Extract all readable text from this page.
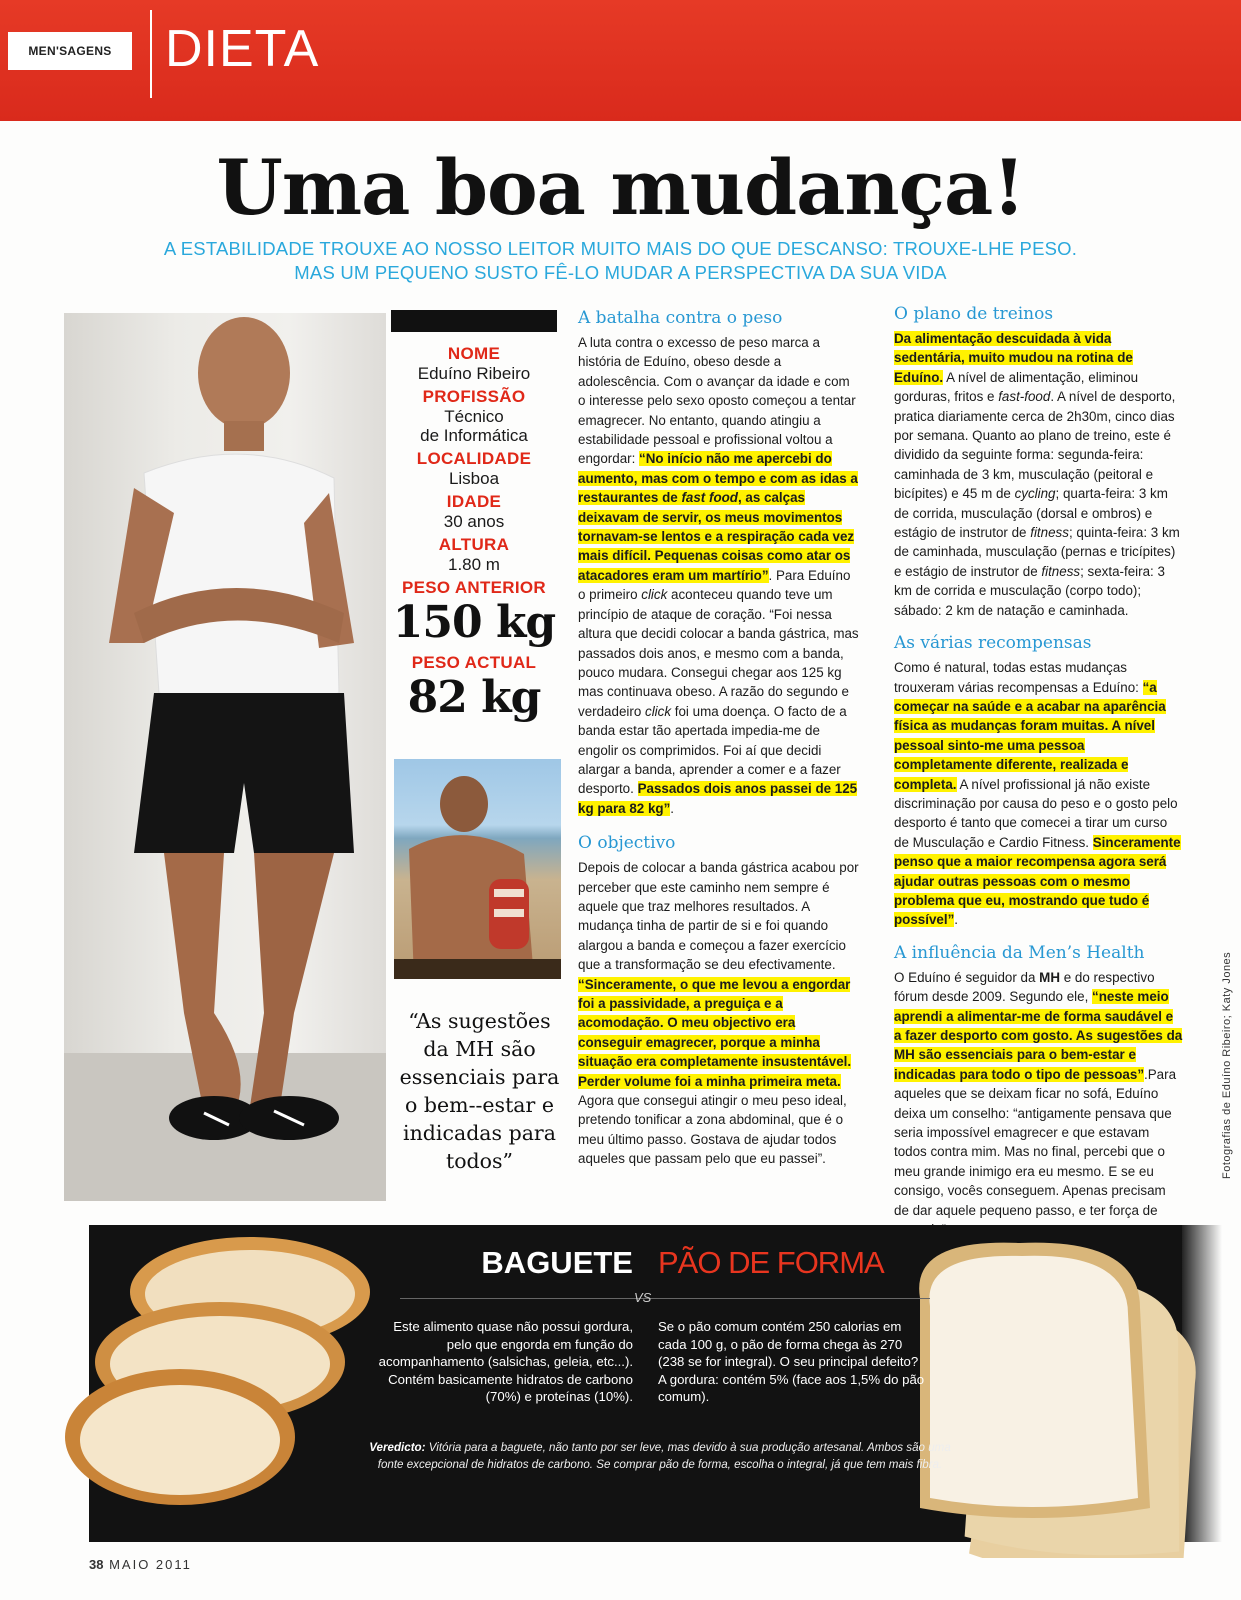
MEN'SAGENS	DIETA
Uma boa mudança!
A ESTABILIDADE TROUXE AO NOSSO LEITOR MUITO MAIS DO QUE DESCANSO: TROUXE-LHE PESO.
MAS UM PEQUENO SUSTO FÊ-LO MUDAR A PERSPECTIVA DA SUA VIDA
NOME
Eduíno Ribeiro
PROFISSÃO
Técnico
de Informática
LOCALIDADE
Lisboa
IDADE
30 anos
ALTURA
1.80 m
PESO ANTERIOR
150 kg
PESO ACTUAL
82 kg
“As sugestões da MH são essenciais para o bem--estar e indicadas para todos”
A batalha contra o peso

A luta contra o excesso de peso marca a história de Eduíno, obeso desde a adolescência. Com o avançar da idade e com o interesse pelo sexo oposto começou a tentar emagrecer. No entanto, quando atingiu a estabilidade pessoal e profissional voltou a engordar: “No início não me apercebi do aumento, mas com o tempo e com as idas a restaurantes de fast food, as calças deixavam de servir, os meus movimentos tornavam-se lentos e a respiração cada vez mais difícil. Pequenas coisas como atar os atacadores eram um martírio”. Para Eduíno o primeiro click aconteceu quando teve um princípio de ataque de coração. “Foi nessa altura que decidi colocar a banda gástrica, mas passados dois anos, e mesmo com a banda, pouco mudara. Consegui chegar aos 125 kg mas continuava obeso. A razão do segundo e verdadeiro click foi uma doença. O facto de a banda estar tão apertada impedia-me de engolir os comprimidos. Foi aí que decidi alargar a banda, aprender a comer e a fazer desporto. Passados dois anos passei de 125 kg para 82 kg”.

O objectivo

Depois de colocar a banda gástrica acabou por perceber que este caminho nem sempre é aquele que traz melhores resultados. A mudança tinha de partir de si e foi quando alargou a banda e começou a fazer exercício que a transformação se deu efectivamente. “Sinceramente, o que me levou a engordar foi a passividade, a preguiça e a acomodação. O meu objectivo era conseguir emagrecer, porque a minha situação era completamente insustentável. Perder volume foi a minha primeira meta. Agora que consegui atingir o meu peso ideal, pretendo tonificar a zona abdominal, que é o meu último passo. Gostava de ajudar todos aqueles que passam pelo que eu passei”.

O plano de treinos

Da alimentação descuidada à vida sedentária, muito mudou na rotina de Eduíno. A nível de alimentação, eliminou gorduras, fritos e fast-food. A nível de desporto, pratica diariamente cerca de 2h30m, cinco dias por semana. Quanto ao plano de treino, este é dividido da seguinte forma: segunda-feira: caminhada de 3 km, musculação (peitoral e bicípites) e 45 m de cycling; quarta-feira: 3 km de corrida, musculação (dorsal e ombros) e estágio de instrutor de fitness; quinta-feira: 3 km de caminhada, musculação (pernas e tricípites) e estágio de instrutor de fitness; sexta-feira: 3 km de corrida e musculação (corpo todo); sábado: 2 km de natação e caminhada.

As várias recompensas

Como é natural, todas estas mudanças trouxeram várias recompensas a Eduíno: “a começar na saúde e a acabar na aparência física as mudanças foram muitas. A nível pessoal sinto-me uma pessoa completamente diferente, realizada e completa. A nível profissional já não existe discriminação por causa do peso e o gosto pelo desporto é tanto que comecei a tirar um curso de Musculação e Cardio Fitness. Sinceramente penso que a maior recompensa agora será ajudar outras pessoas com o mesmo problema que eu, mostrando que tudo é possível”.

A influência da Men’s Health

O Eduíno é seguidor da MH e do respectivo fórum desde 2009. Segundo ele, “neste meio aprendi a alimentar-me de forma saudável e a fazer desporto com gosto. As sugestões da MH são essenciais para o bem-estar e indicadas para todo o tipo de pessoas”.Para aqueles que se deixam ficar no sofá, Eduíno deixa um conselho: “antigamente pensava que seria impossível emagrecer e que estavam todos contra mim. Mas no final, percebi que o meu grande inimigo era eu mesmo. E se eu consigo, vocês conseguem. Apenas precisam de dar aquele pequeno passo, e ter força de

Fotografias de Eduíno Ribeiro; Katy Jones
BAGUETE PÃO DE FORMA
VS
Este alimento quase não possui gordura, pelo que engorda em função do acompanhamento (salsichas, geleia, etc...). Contém basicamente hidratos de carbono (70%) e proteínas (10%).
Se o pão comum contém 250 calorias em cada 100 g, o pão de forma chega às 270 (238 se for integral). O seu principal defeito? A gordura: contém 5% (face aos 1,5% do pão comum).
Veredicto: Vitória para a baguete, não tanto por ser leve, mas devido à sua produção artesanal. Ambos são uma fonte excepcional de hidratos de carbono. Se comprar pão de forma, escolha o integral, já que tem mais fibra.
38 MAIO 2011
